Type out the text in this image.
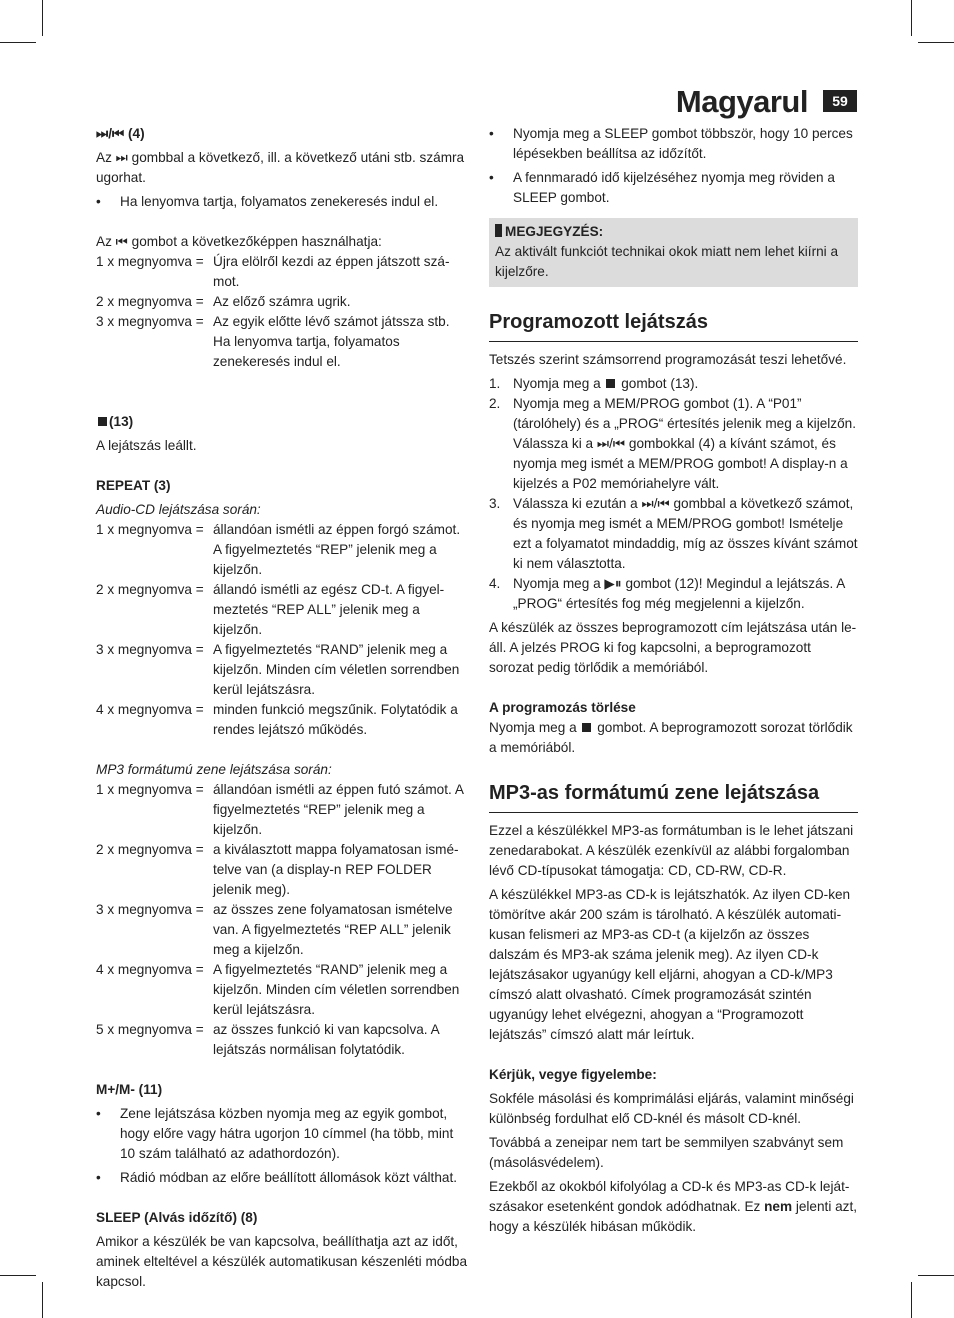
Magyarul	59

⏭/⏮ (4)

Az ⏭ gombbal a következő, ill. a következő utáni stb. számra ugorhat.

• Ha lenyomva tartja, folyamatos zenekeresés indul el.

Az ⏮ gombot a következőképpen használhatja:

1 x megnyomva = Újra elölről kezdi az éppen játszott szá-mot.
2 x megnyomva = Az előző számra ugrik.
3 x megnyomva = Az egyik előtte lévő számot játssza stb. Ha lenyomva tartja, folyamatos zenekeresés indul el.

(13)

A lejátszás leállt.

REPEAT (3)

Audio-CD lejátszása során:

1 x megnyomva = állandóan ismétli az éppen forgó számot. A figyelmeztetés “REP” jelenik meg a kijelzőn.
2 x megnyomva = állandó ismétli az egész CD-t. A figyel-meztetés “REP ALL” jelenik meg a kijelzőn.
3 x megnyomva = A figyelmeztetés “RAND” jelenik meg a kijelzőn. Minden cím véletlen sorrendben kerül lejátszásra.
4 x megnyomva = minden funkció megszűnik. Folytatódik a rendes lejátszó működés.

MP3 formátumú zene lejátszása során:

1 x megnyomva = állandóan ismétli az éppen futó számot. A figyelmeztetés “REP” jelenik meg a kijelzőn.
2 x megnyomva = a kiválasztott mappa folyamatosan ismé-telve van (a display-n REP FOLDER jelenik meg).
3 x megnyomva = az összes zene folyamatosan ismételve van. A figyelmeztetés “REP ALL” jelenik meg a kijelzőn.
4 x megnyomva = A figyelmeztetés “RAND” jelenik meg a kijelzőn. Minden cím véletlen sorrendben kerül lejátszásra.
5 x megnyomva = az összes funkció ki van kapcsolva. A lejátszás normálisan folytatódik.

M+/M- (11)

• Zene lejátszása közben nyomja meg az egyik gombot, hogy előre vagy hátra ugorjon 10 címmel (ha több, mint 10 szám található az adathordozón).

• Rádió módban az előre beállított állomások közt válthat.

SLEEP (Alvás időzítő) (8)

Amikor a készülék be van kapcsolva, beállíthatja azt az időt, aminek elteltével a készülék automatikusan készenléti módba kapcsol.

• Nyomja meg a SLEEP gombot többször, hogy 10 perces lépésekben beállítsa az időzítőt.

• A fennmaradó idő kijelzéséhez nyomja meg röviden a SLEEP gombot.

MEGJEGYZÉS:

Az aktivált funkciót technikai okok miatt nem lehet kiírni a kijelzőre.

Programozott lejátszás

Tetszés szerint számsorrend programozását teszi lehetővé.

1. Nyomja meg a  gombot (13).

2. Nyomja meg a MEM/PROG gombot (1). A “P01” (tárolóhely) és a „PROG“ értesítés jelenik meg a kijelzőn. Válassza ki a ⏭/⏮ gombokkal (4) a kívánt számot, és nyomja meg ismét a MEM/PROG gombot! A display-n a kijelzés a P02 memóriahelyre vált.

3. Válassza ki ezután a ⏭/⏮ gombbal a következő számot, és nyomja meg ismét a MEM/PROG gombot! Ismételje ezt a folyamatot mindaddig, míg az összes kívánt számot ki nem választotta.

4. Nyomja meg a ▶⏸ gombot (12)! Megindul a lejátszás. A „PROG“ értesítés fog még megjelenni a kijelzőn.

A készülék az összes beprogramozott cím lejátszása után le-áll. A jelzés PROG ki fog kapcsolni, a beprogramozott sorozat pedig törlődik a memóriából.

A programozás törlése

Nyomja meg a  gombot. A beprogramozott sorozat törlődik a memóriából.

MP3-as formátumú zene lejátszása

Ezzel a készülékkel MP3-as formátumban is le lehet játszani zenedarabokat. A készülék ezenkívül az alábbi forgalomban lévő CD-típusokat támogatja: CD, CD-RW, CD-R.

A készülékkel MP3-as CD-k is lejátszhatók. Az ilyen CD-ken tömörítve akár 200 szám is tárolható. A készülék automati-kusan felismeri az MP3-as CD-t (a kijelzőn az összes dalszám és MP3-ak száma jelenik meg). Az ilyen CD-k lejátszásakor ugyanúgy kell eljárni, ahogyan a CD-k/MP3 címszó alatt olvasható. Címek programozását szintén ugyanúgy lehet elvégezni, ahogyan a “Programozott lejátszás” címszó alatt már leírtuk.

Kérjük, vegye figyelembe:

Sokféle másolási és komprimálási eljárás, valamint minőségi különbség fordulhat elő CD-knél és másolt CD-knél.

Továbbá a zeneipar nem tart be semmilyen szabványt sem (másolásvédelem).

Ezekből az okokból kifolyólag a CD-k és MP3-as CD-k leját-szásakor esetenként gondok adódhatnak. Ez nem jelenti azt, hogy a készülék hibásan működik.
